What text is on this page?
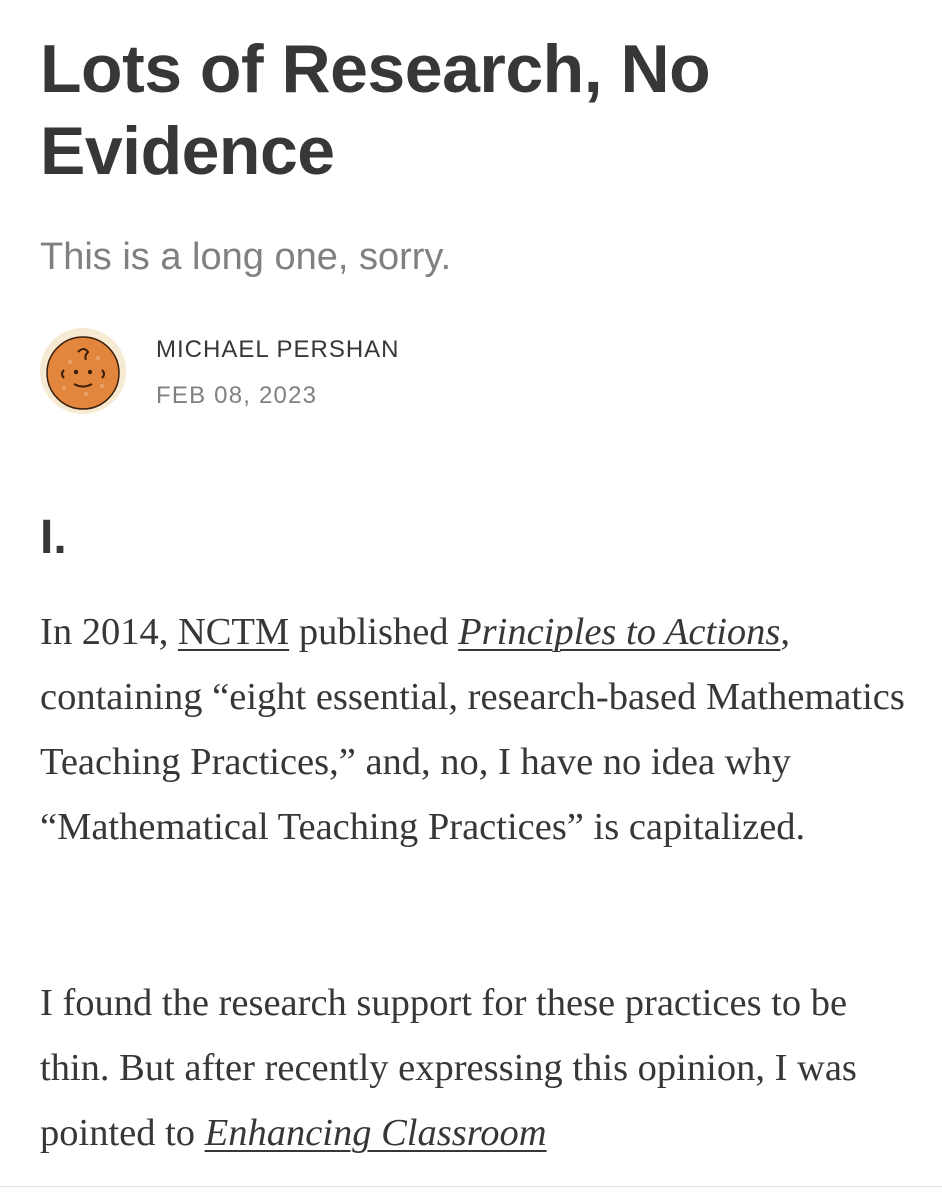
Lots of Research, No Evidence
This is a long one, sorry.
MICHAEL PERSHAN
FEB 08, 2023
I.

In 2014, NCTM published Principles to Actions, containing “eight essential, research-based Mathematics Teaching Practices,” and, no, I have no idea why “Mathematical Teaching Practices” is capitalized.

I found the research support for these practices to be thin. But after recently expressing this opinion, I was pointed to Enhancing Classroom
